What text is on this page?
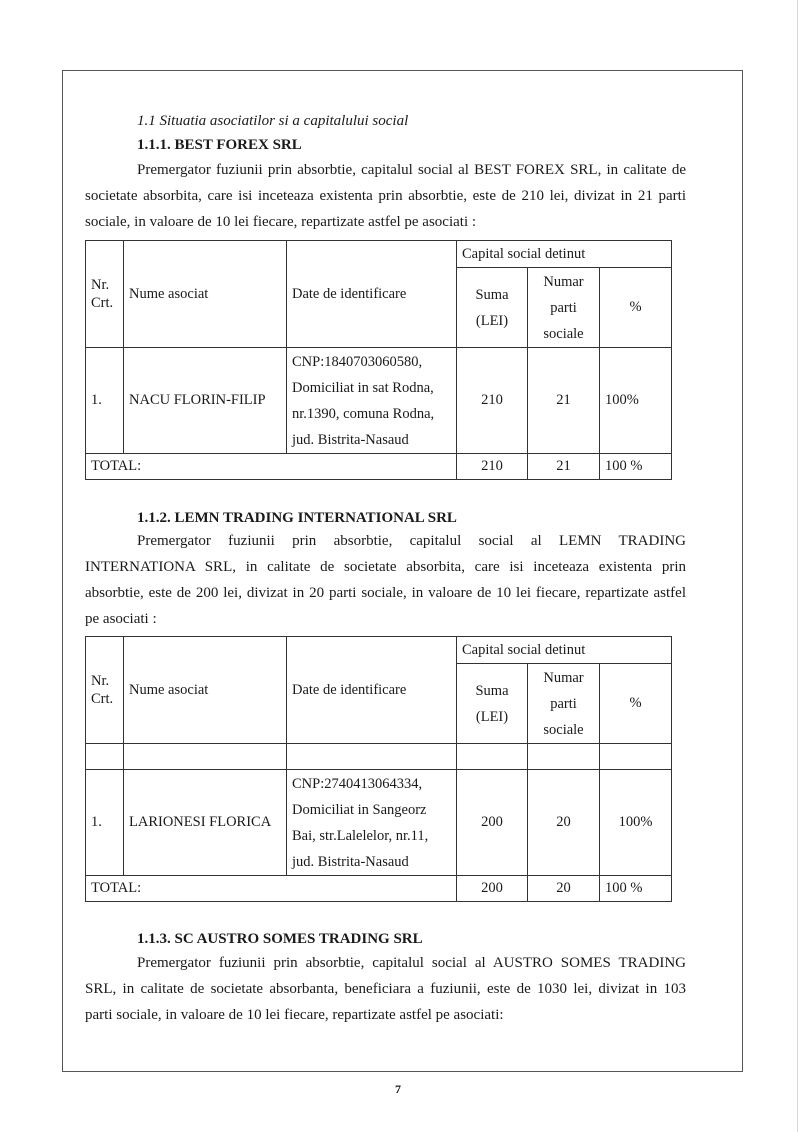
1.1 Situatia asociatilor si a capitalului social
1.1.1. BEST FOREX SRL
Premergator fuziunii prin absorbtie, capitalul social al BEST FOREX SRL, in calitate de
societate absorbita, care isi inceteaza existenta prin absorbtie, este de 210 lei, divizat in 21 parti
sociale, in valoare de 10 lei fiecare, repartizate astfel pe asociati :
Nr. Crt.	Nume asociat	Date de identificare	Capital social detinut		
			Suma (LEI)	Numar parti sociale	%
1.	NACU FLORIN-FILIP	CNP:1840703060580,
Domiciliat in sat Rodna,
nr.1390, comuna Rodna,
jud. Bistrita-Nasaud	210	21	100%
TOTAL:			210	21	100 %
1.1.2. LEMN TRADING INTERNATIONAL SRL
Premergator fuziunii prin absorbtie, capitalul social al LEMN TRADING
INTERNATIONA SRL, in calitate de societate absorbita, care isi inceteaza existenta prin
absorbtie, este de 200 lei, divizat in 20 parti sociale, in valoare de 10 lei fiecare, repartizate astfel
pe asociati :
Nr. Crt.	Nume asociat	Date de identificare	Capital social detinut		
			Suma (LEI)	Numar parti sociale	%

1.	LARIONESI FLORICA	CNP:2740413064334,
Domiciliat in Sangeorz
Bai, str.Lalelelor, nr.11,
jud. Bistrita-Nasaud	200	20	100%
TOTAL:			200	20	100 %
1.1.3. SC AUSTRO SOMES TRADING SRL
Premergator fuziunii prin absorbtie, capitalul social al AUSTRO SOMES TRADING
SRL, in calitate de societate absorbanta, beneficiara a fuziunii, este de 1030 lei, divizat in 103
parti sociale, in valoare de 10 lei fiecare, repartizate astfel pe asociati:
7
